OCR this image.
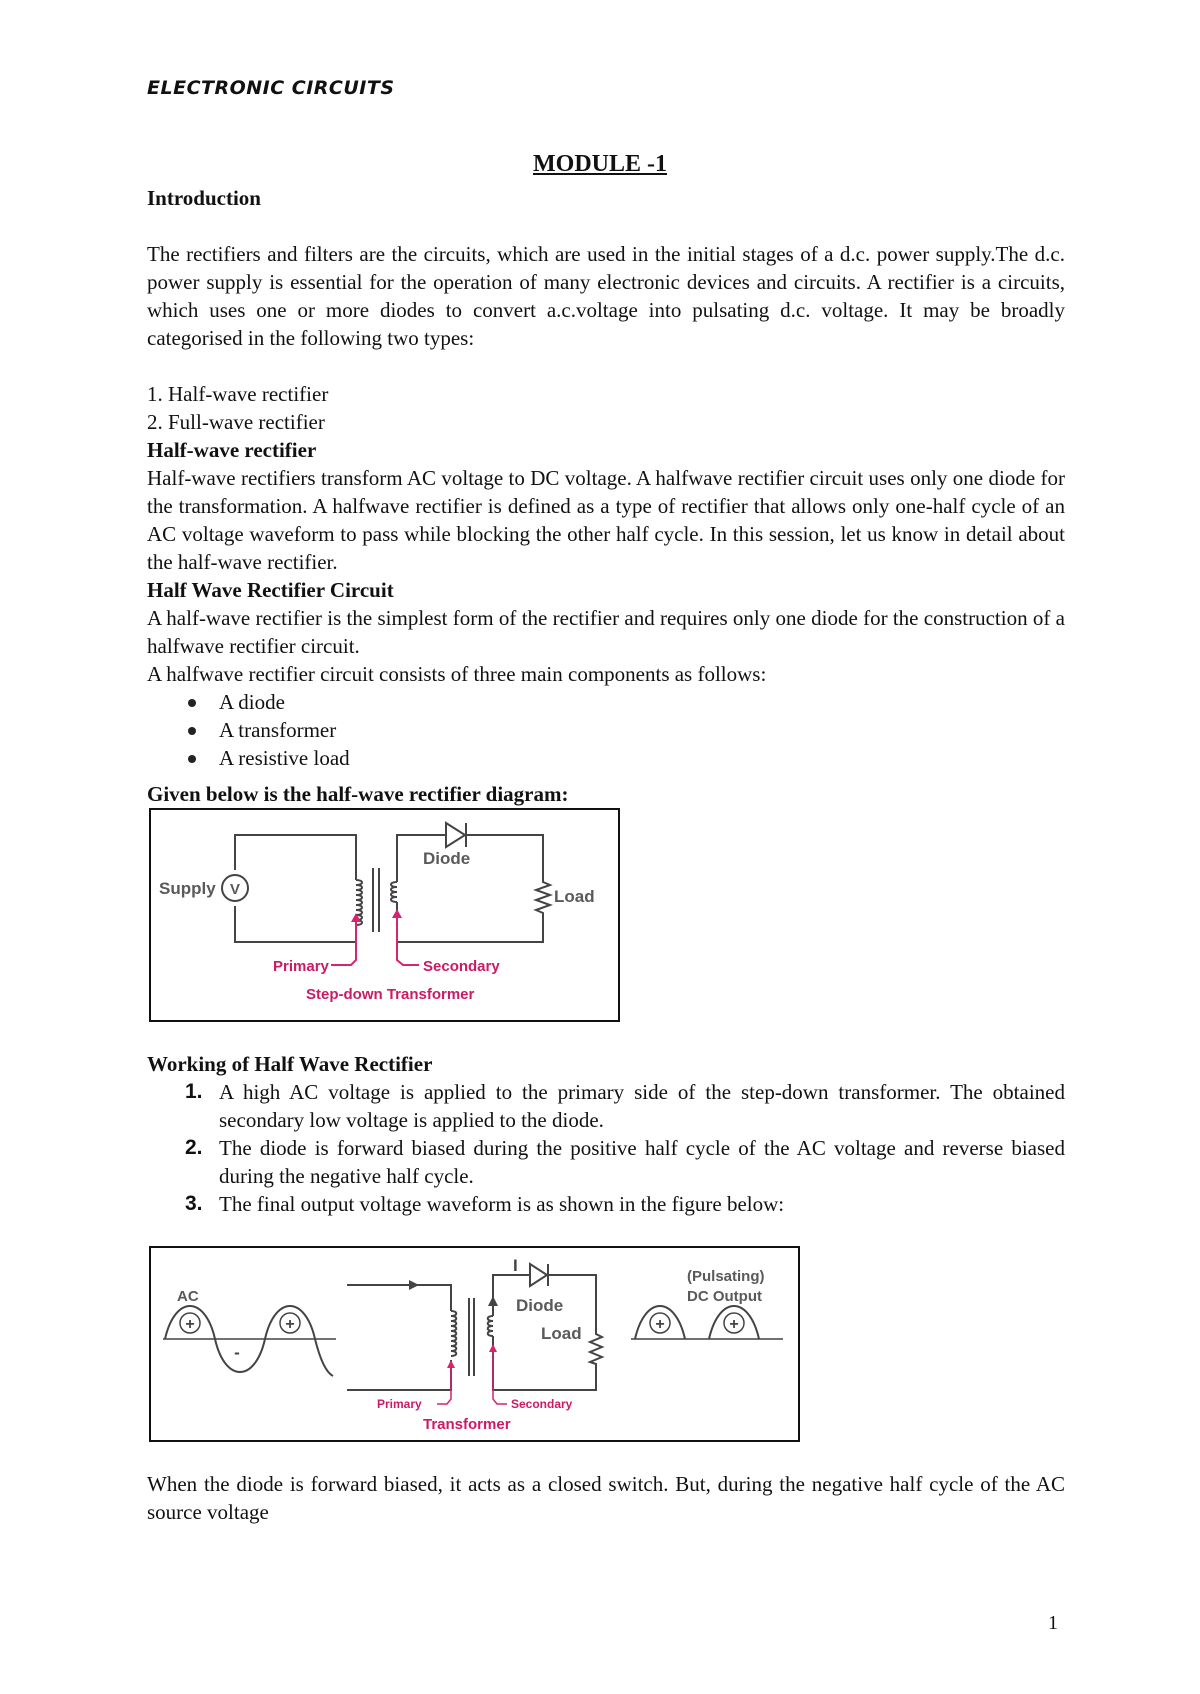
ELECTRONIC CIRCUITS
MODULE -1

Introduction

The rectifiers and filters are the circuits, which are used in the initial stages of a d.c. power supply.The d.c. power supply is essential for the operation of many electronic devices and circuits. A rectifier is a circuits, which uses one or more diodes to convert a.c.voltage into pulsating d.c. voltage. It may be broadly categorised in the following two types:

1. Half-wave rectifier

2. Full-wave rectifier

Half-wave rectifier

Half-wave rectifiers transform AC voltage to DC voltage. A halfwave rectifier circuit uses only one diode for the transformation. A halfwave rectifier is defined as a type of rectifier that allows only one-half cycle of an AC voltage waveform to pass while blocking the other half cycle. In this session, let us know in detail about the half-wave rectifier.

Half Wave Rectifier Circuit

A half-wave rectifier is the simplest form of the rectifier and requires only one diode for the construction of a halfwave rectifier circuit.

A halfwave rectifier circuit consists of three main components as follows:

A diode
A transformer
A resistive load

Given below is the half-wave rectifier diagram:

V
Supply
Diode
Load
Primary	Secondary
Step-down Transformer

Working of Half Wave Rectifier

1. A high AC voltage is applied to the primary side of the step-down transformer. The obtained secondary low voltage is applied to the diode.
2. The diode is forward biased during the positive half cycle of the AC voltage and reverse biased during the negative half cycle.
3. The final output voltage waveform is as shown in the figure below:
AC
+	+
-
I
Diode
Load
Primary	Secondary
Transformer
(Pulsating)
DC Output
+	+

When the diode is forward biased, it acts as a closed switch. But, during the negative half cycle of the AC source voltage

1
